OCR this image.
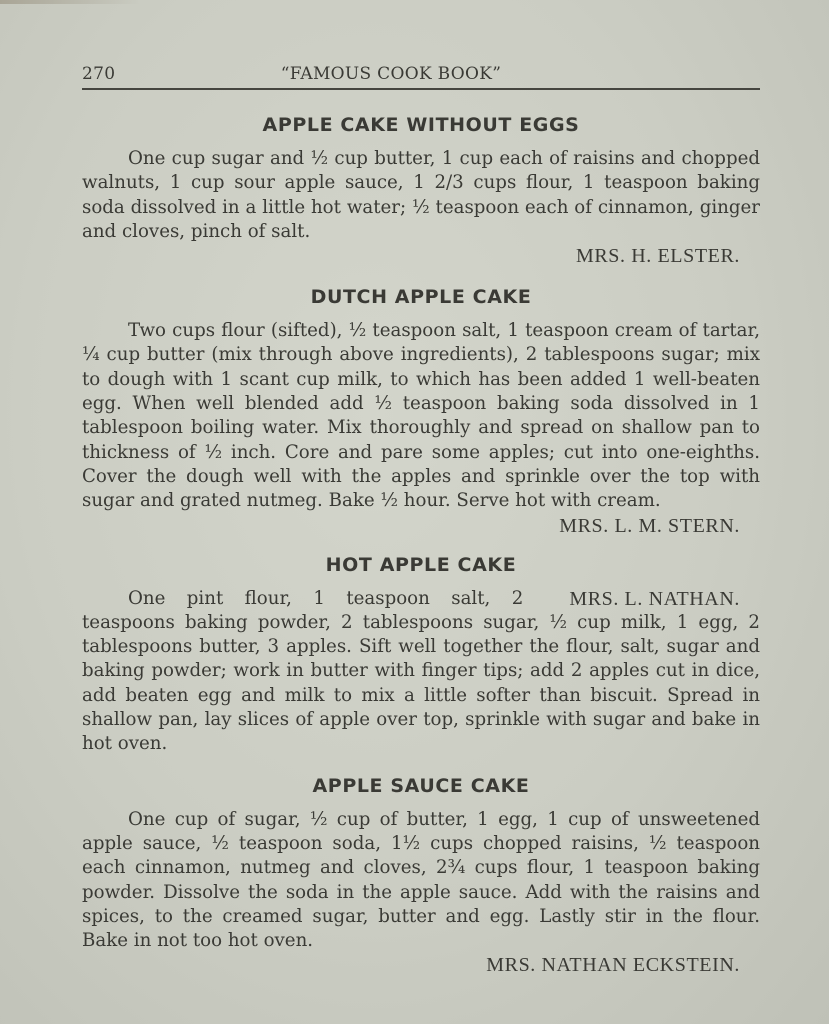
270	“FAMOUS COOK BOOK”
APPLE CAKE WITHOUT EGGS

One cup sugar and ½ cup butter, 1 cup each of raisins and chopped walnuts, 1 cup sour apple sauce, 1 2/3 cups flour, 1 teaspoon baking soda dissolved in a little hot water; ½ teaspoon each of cinnamon, ginger and cloves, pinch of salt.

MRS. H. ELSTER.

DUTCH APPLE CAKE

Two cups flour (sifted), ½ teaspoon salt, 1 teaspoon cream of tartar, ¼ cup butter (mix through above ingredients), 2 tablespoons sugar; mix to dough with 1 scant cup milk, to which has been added 1 well-beaten egg. When well blended add ½ teaspoon baking soda dissolved in 1 tablespoon boiling water. Mix thoroughly and spread on shallow pan to thickness of ½ inch. Core and pare some apples; cut into one-eighths. Cover the dough well with the apples and sprinkle over the top with sugar and grated nutmeg. Bake ½ hour. Serve hot with cream.

MRS. L. M. STERN.

HOT APPLE CAKE

MRS. L. NATHAN.
One pint flour, 1 teaspoon salt, 2 teaspoons baking powder, 2 tablespoons sugar, ½ cup milk, 1 egg, 2 tablespoons butter, 3 apples. Sift well together the flour, salt, sugar and baking powder; work in butter with finger tips; add 2 apples cut in dice, add beaten egg and milk to mix a little softer than biscuit. Spread in shallow pan, lay slices of apple over top, sprinkle with sugar and bake in hot oven.

APPLE SAUCE CAKE

One cup of sugar, ½ cup of butter, 1 egg, 1 cup of unsweetened apple sauce, ½ teaspoon soda, 1½ cups chopped raisins, ½ teaspoon each cinnamon, nutmeg and cloves, 2¾ cups flour, 1 teaspoon baking powder. Dissolve the soda in the apple sauce. Add with the raisins and spices, to the creamed sugar, butter and egg. Lastly stir in the flour. Bake in not too hot oven.

MRS. NATHAN ECKSTEIN.
